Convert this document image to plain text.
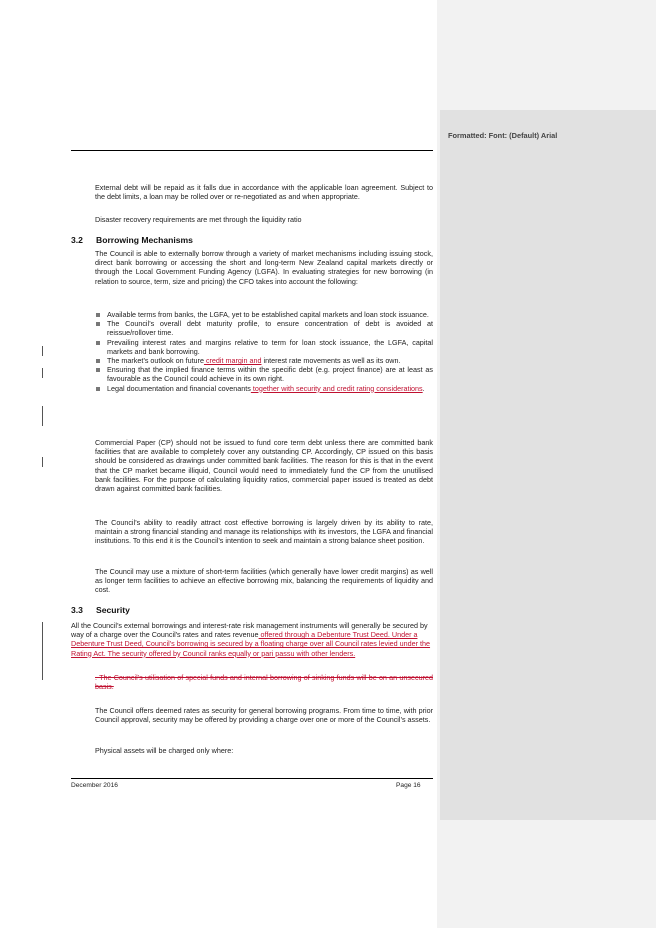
External debt will be repaid as it falls due in accordance with the applicable loan agreement. Subject to the debt limits, a loan may be rolled over or re-negotiated as and when appropriate.
Disaster recovery requirements are met through the liquidity ratio
3.2 Borrowing Mechanisms
The Council is able to externally borrow through a variety of market mechanisms including issuing stock, direct bank borrowing or accessing the short and long-term New Zealand capital markets directly or through the Local Government Funding Agency (LGFA). In evaluating strategies for new borrowing (in relation to source, term, size and pricing) the CFO takes into account the following:
Available terms from banks, the LGFA, yet to be established capital markets and loan stock issuance.
The Council’s overall debt maturity profile, to ensure concentration of debt is avoided at reissue/rollover time.
Prevailing interest rates and margins relative to term for loan stock issuance, the LGFA, capital markets and bank borrowing.
The market’s outlook on future credit margin and interest rate movements as well as its own.
Ensuring that the implied finance terms within the specific debt (e.g. project finance) are at least as favourable as the Council could achieve in its own right.
Legal documentation and financial covenants together with security and credit rating considerations.
Commercial Paper (CP) should not be issued to fund core term debt unless there are committed bank facilities that are available to completely cover any outstanding CP. Accordingly, CP issued on this basis should be considered as drawings under committed bank facilities. The reason for this is that in the event that the CP market became illiquid, Council would need to immediately fund the CP from the unutilised bank facilities. For the purpose of calculating liquidity ratios, commercial paper issued is treated as debt drawn against committed bank facilities.
The Council’s ability to readily attract cost effective borrowing is largely driven by its ability to rate, maintain a strong financial standing and manage its relationships with its investors, the LGFA and financial institutions. To this end it is the Council’s intention to seek and maintain a strong balance sheet position.
The Council may use a mixture of short-term facilities (which generally have lower credit margins) as well as longer term facilities to achieve an effective borrowing mix, balancing the requirements of liquidity and cost.
3.3 Security
All the Council’s external borrowings and interest-rate risk management instruments will generally be secured by way of a charge over the Council's rates and rates revenue offered through a Debenture Trust Deed. Under a Debenture Trust Deed, Council’s borrowing is secured by a floating charge over all Council rates levied under the Rating Act. The security offered by Council ranks equally or pari passu with other lenders.
. The Council’s utilisation of special funds and internal borrowing of sinking funds will be on an unsecured basis.
The Council offers deemed rates as security for general borrowing programs. From time to time, with prior Council approval, security may be offered by providing a charge over one or more of the Council’s assets.
Physical assets will be charged only where:
December 2016	Page 16
Formatted: Font: (Default) Arial
